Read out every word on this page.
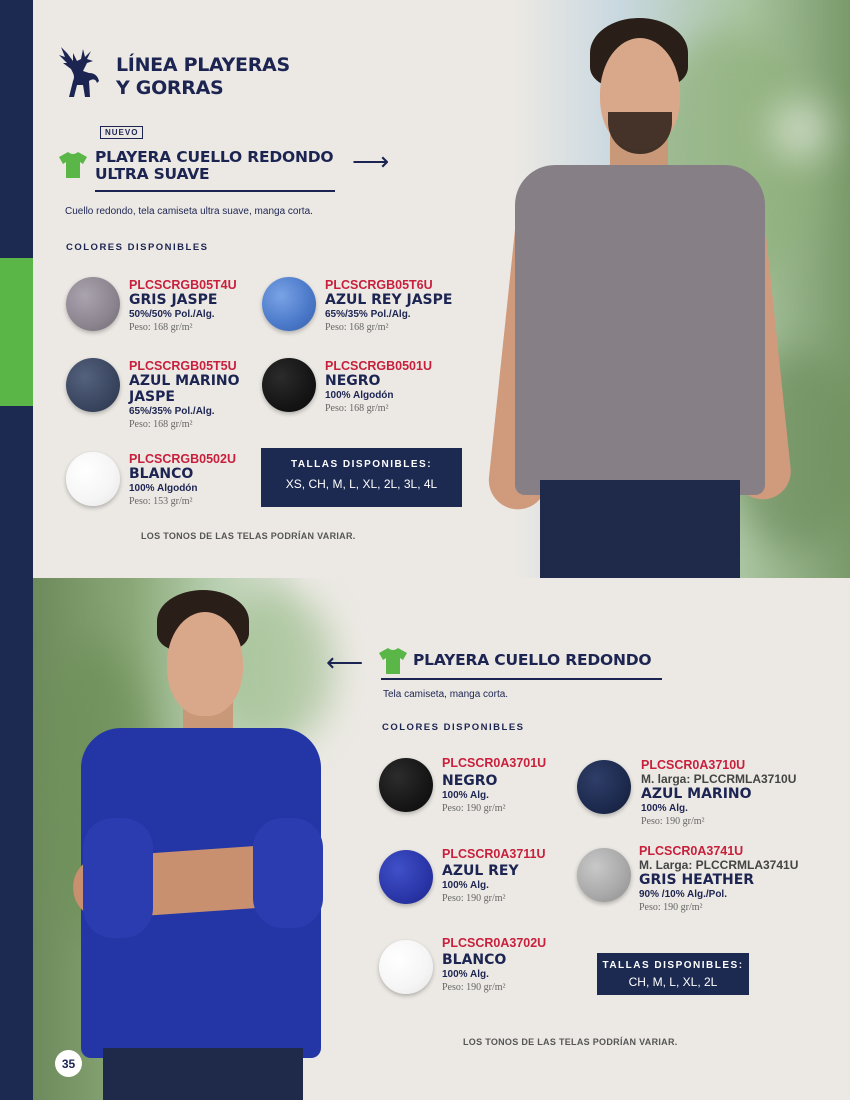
LÍNEA PLAYERAS
Y GORRAS
NUEVO
PLAYERA CUELLO REDONDO
ULTRA SUAVE	⟶
Cuello redondo, tela camiseta ultra suave, manga corta.
COLORES DISPONIBLES
PLCSCRGB05T4U
GRIS JASPE
50%/50% Pol./Alg.
Peso: 168 gr/m²
PLCSCRGB05T6U
AZUL REY JASPE
65%/35% Pol./Alg.
Peso: 168 gr/m²
PLCSCRGB05T5U
AZUL MARINO
JASPE
65%/35% Pol./Alg.
Peso: 168 gr/m²
PLCSCRGB0501U
NEGRO
100% Algodón
Peso: 168 gr/m²
PLCSCRGB0502U
BLANCO
100% Algodón
Peso: 153 gr/m²
TALLAS DISPONIBLES:
XS, CH, M, L, XL, 2L, 3L, 4L
LOS TONOS DE LAS TELAS PODRÍAN VARIAR.
⟵	PLAYERA CUELLO REDONDO
Tela camiseta, manga corta.
COLORES DISPONIBLES
PLCSCR0A3701U
NEGRO
100% Alg.
Peso: 190 gr/m²
PLCSCR0A3710U
M. larga: PLCCRMLA3710U
AZUL MARINO
100% Alg.
Peso: 190 gr/m²
PLCSCR0A3711U
AZUL REY
100% Alg.
Peso: 190 gr/m²
PLCSCR0A3741U
M. Larga: PLCCRMLA3741U
GRIS HEATHER
90% /10% Alg./Pol.
Peso: 190 gr/m²
PLCSCR0A3702U
BLANCO
100% Alg.
Peso: 190 gr/m²
TALLAS DISPONIBLES:
CH, M, L, XL, 2L
LOS TONOS DE LAS TELAS PODRÍAN VARIAR.
35
